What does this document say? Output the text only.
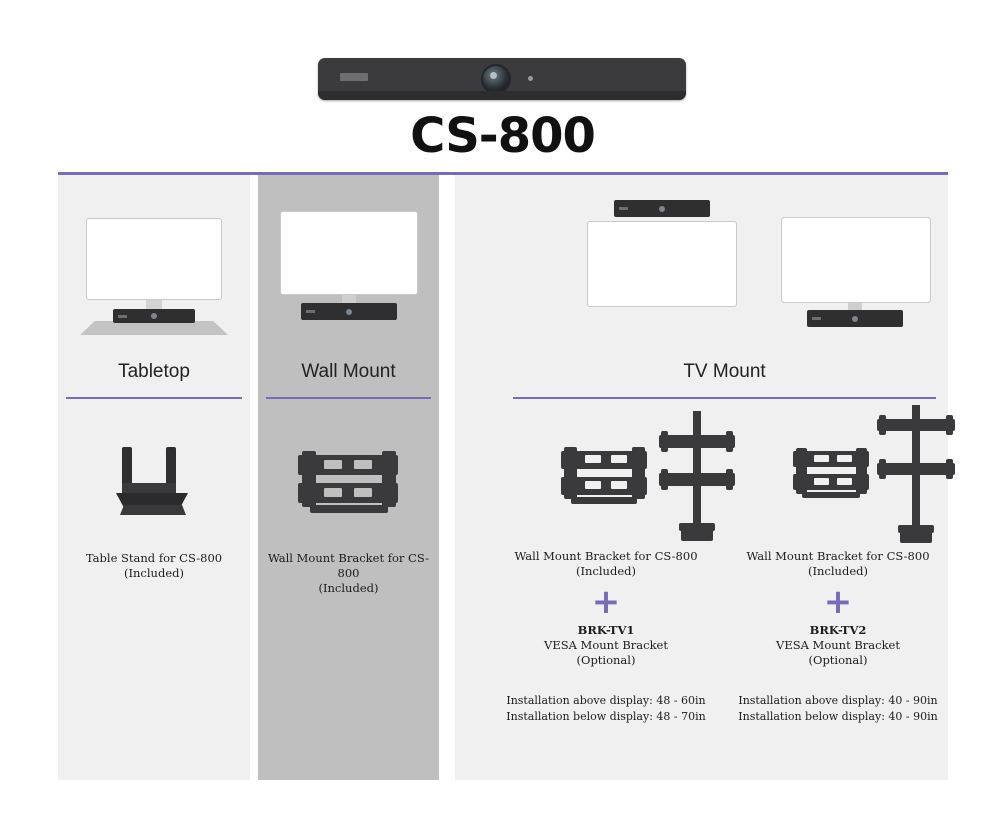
CS-800
Tabletop
Table Stand for CS-800
(Included)
Wall Mount
Wall Mount Bracket for CS-800
(Included)
TV Mount
Wall Mount Bracket for CS-800
(Included)
+
BRK-TV1
VESA Mount Bracket
(Optional)
Installation above display: 48 - 60in
Installation below display: 48 - 70in
Wall Mount Bracket for CS-800
(Included)
+
BRK-TV2
VESA Mount Bracket
(Optional)
Installation above display: 40 - 90in
Installation below display: 40 - 90in
